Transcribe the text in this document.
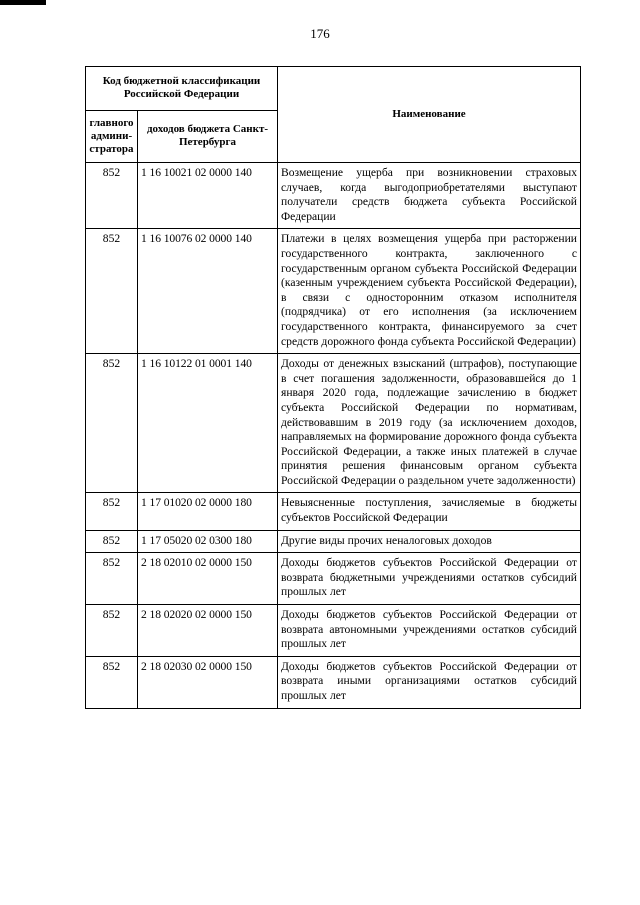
176
Код бюджетной классификации Российской Федерации		Наименование
главного админи-стратора	доходов бюджета Санкт-Петербурга	
852	1 16 10021 02 0000 140	Возмещение ущерба при возникновении страховых случаев, когда выгодоприобретателями выступают получатели средств бюджета субъекта Российской Федерации
852	1 16 10076 02 0000 140	Платежи в целях возмещения ущерба при расторжении государственного контракта, заключенного с государственным органом субъекта Российской Федерации (казенным учреждением субъекта Российской Федерации), в связи с односторонним отказом исполнителя (подрядчика) от его исполнения (за исключением государственного контракта, финансируемого за счет средств дорожного фонда субъекта Российской Федерации)
852	1 16 10122 01 0001 140	Доходы от денежных взысканий (штрафов), поступающие в счет погашения задолженности, образовавшейся до 1 января 2020 года, подлежащие зачислению в бюджет субъекта Российской Федерации по нормативам, действовавшим в 2019 году (за исключением доходов, направляемых на формирование дорожного фонда субъекта Российской Федерации, а также иных платежей в случае принятия решения финансовым органом субъекта Российской Федерации о раздельном учете задолженности)
852	1 17 01020 02 0000 180	Невыясненные поступления, зачисляемые в бюджеты субъектов Российской Федерации
852	1 17 05020 02 0300 180	Другие виды прочих неналоговых доходов
852	2 18 02010 02 0000 150	Доходы бюджетов субъектов Российской Федерации от возврата бюджетными учреждениями остатков субсидий прошлых лет
852	2 18 02020 02 0000 150	Доходы бюджетов субъектов Российской Федерации от возврата автономными учреждениями остатков субсидий прошлых лет
852	2 18 02030 02 0000 150	Доходы бюджетов субъектов Российской Федерации от возврата иными организациями остатков субсидий прошлых лет
